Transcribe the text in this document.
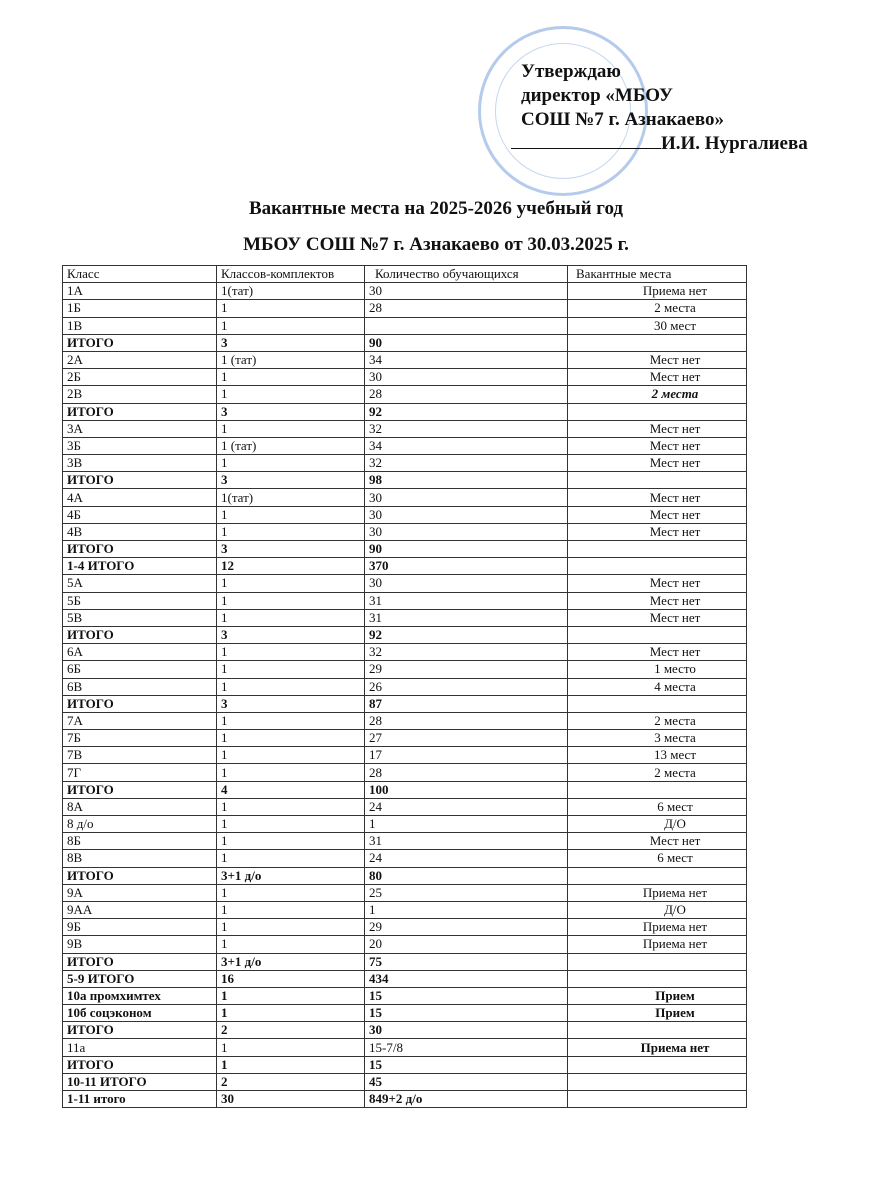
Утверждаю
директор «МБОУ
СОШ №7 г. Азнакаево»
И.И. Нургалиева
Вакантные места на 2025-2026 учебный год
МБОУ СОШ №7 г. Азнакаево от 30.03.2025 г.
Класс	Классов-комплектов	Количество обучающихся	Вакантные места
1А	1(тат)	30	Приема нет
1Б	1	28	2 места
1В	1		30 мест
ИТОГО	3	90	
2А	1 (тат)	34	Мест нет
2Б	1	30	Мест нет
2В	1	28	2 места
ИТОГО	3	92	
3А	1	32	Мест нет
3Б	1 (тат)	34	Мест нет
3В	1	32	Мест нет
ИТОГО	3	98	
4А	1(тат)	30	Мест нет
4Б	1	30	Мест нет
4В	1	30	Мест нет
ИТОГО	3	90	
1-4 ИТОГО	12	370	
5А	1	30	Мест нет
5Б	1	31	Мест нет
5В	1	31	Мест нет
ИТОГО	3	92	
6А	1	32	Мест нет
6Б	1	29	1 место
6В	1	26	4 места
ИТОГО	3	87	
7А	1	28	2 места
7Б	1	27	3 места
7В	1	17	13 мест
7Г	1	28	2 места
ИТОГО	4	100	
8А	1	24	6 мест
8 д/о	1	1	Д/О
8Б	1	31	Мест нет
8В	1	24	6 мест
ИТОГО	3+1 д/о	80	
9А	1	25	Приема нет
9АА	1	1	Д/О
9Б	1	29	Приема нет
9В	1	20	Приема нет
ИТОГО	3+1 д/о	75	
5-9 ИТОГО	16	434	
10а промхимтех	1	15	Прием
10б соцэконом	1	15	Прием
ИТОГО	2	30	
11а	1	15-7/8	Приема нет
ИТОГО	1	15	
10-11 ИТОГО	2	45	
1-11 итого	30	849+2 д/о	
